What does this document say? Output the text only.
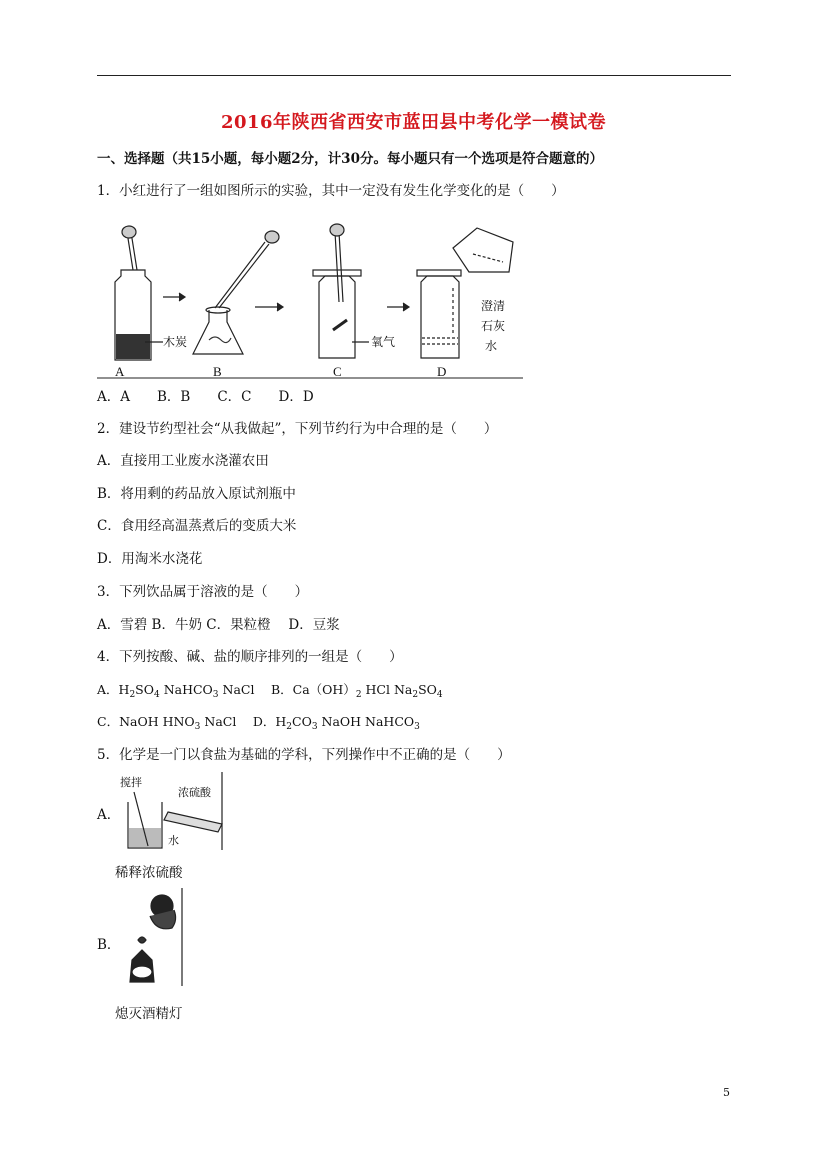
2016年陕西省西安市蓝田县中考化学一模试卷
一、选择题（共15小题，每小题2分，计30分。每小题只有一个选项是符合题意的）
1．小红进行了一组如图所示的实验，其中一定没有发生化学变化的是（　　）
A	B	C	D
木炭	氧气
澄清
石灰
水
A．A　　B．B　　C．C　　D．D
2．建设节约型社会“从我做起”，下列节约行为中合理的是（　　）
A．直接用工业废水浇灌农田
B．将用剩的药品放入原试剂瓶中
C．食用经高温蒸煮后的变质大米
D．用淘米水浇花
3．下列饮品属于溶液的是（　　）
A．雪碧 B．牛奶 C．果粒橙　 D．豆浆
4．下列按酸、碱、盐的顺序排列的一组是（　　）
A．$H_2SO_4$ NaHCO$_3$ NaCl　 B．$Ca(OH)_2$ HCl $Na_2SO_4$
C．NaOH $HNO_3$ NaCl　 D．$H_2CO_3$ NaOH NaHCO$_3$
5．化学是一门以食盐为基础的学科，下列操作中不正确的是（　　）
A．
搅拌
浓硫酸
水
稀释浓硫酸
B．
熄灭酒精灯
5
